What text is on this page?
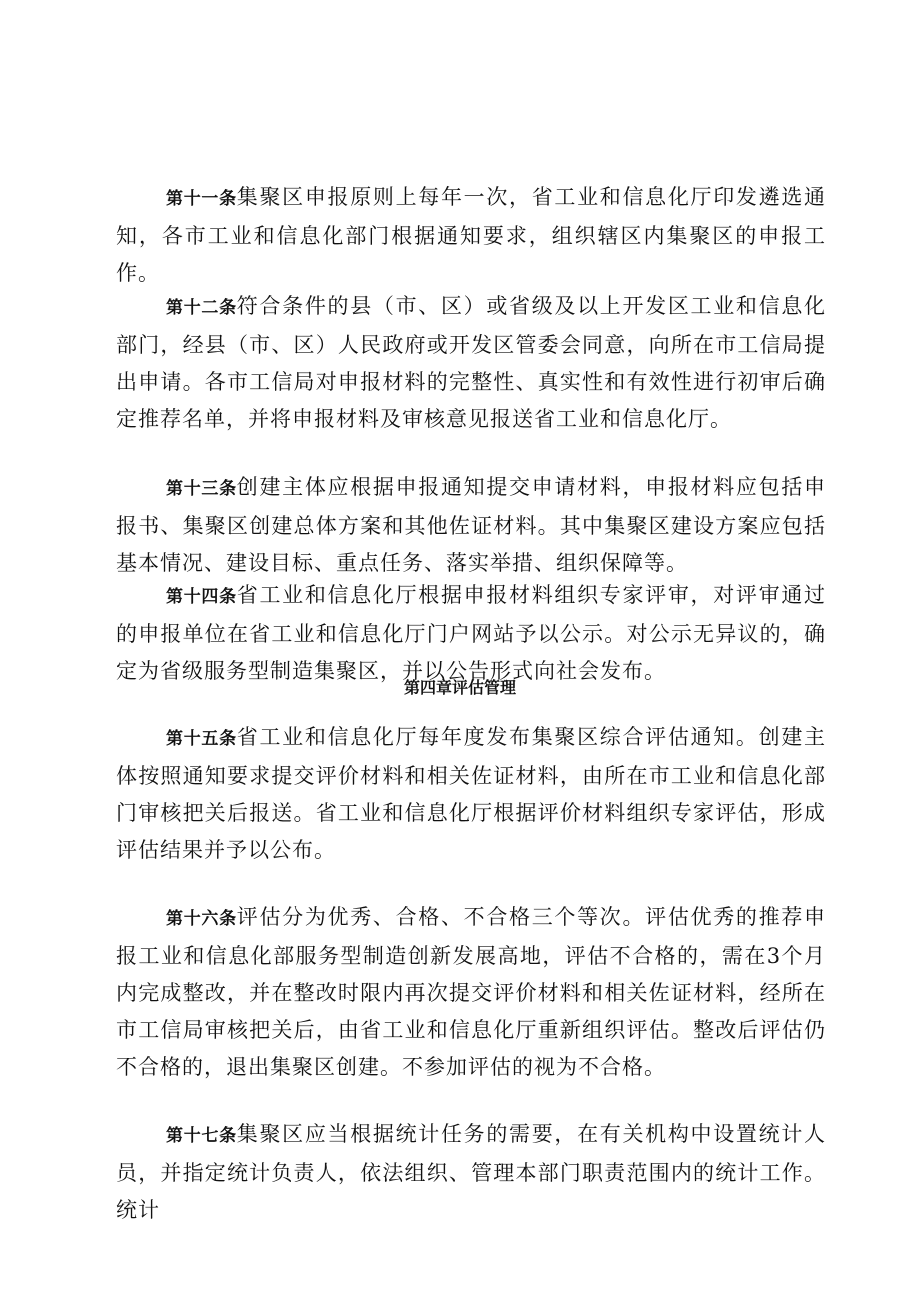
第十一条集聚区申报原则上每年一次，省工业和信息化厅印发遴选通知，各市工业和信息化部门根据通知要求，组织辖区内集聚区的申报工作。

第十二条符合条件的县（市、区）或省级及以上开发区工业和信息化部门，经县（市、区）人民政府或开发区管委会同意，向所在市工信局提出申请。各市工信局对申报材料的完整性、真实性和有效性进行初审后确定推荐名单，并将申报材料及审核意见报送省工业和信息化厅。

第十三条创建主体应根据申报通知提交申请材料，申报材料应包括申报书、集聚区创建总体方案和其他佐证材料。其中集聚区建设方案应包括基本情况、建设目标、重点任务、落实举措、组织保障等。

第十四条省工业和信息化厅根据申报材料组织专家评审，对评审通过的申报单位在省工业和信息化厅门户网站予以公示。对公示无异议的，确定为省级服务型制造集聚区，并以公告形式向社会发布。

第四章评估管理

第十五条省工业和信息化厅每年度发布集聚区综合评估通知。创建主体按照通知要求提交评价材料和相关佐证材料，由所在市工业和信息化部门审核把关后报送。省工业和信息化厅根据评价材料组织专家评估，形成评估结果并予以公布。

第十六条评估分为优秀、合格、不合格三个等次。评估优秀的推荐申报工业和信息化部服务型制造创新发展高地，评估不合格的，需在3个月内完成整改，并在整改时限内再次提交评价材料和相关佐证材料，经所在市工信局审核把关后，由省工业和信息化厅重新组织评估。整改后评估仍不合格的，退出集聚区创建。不参加评估的视为不合格。

第十七条集聚区应当根据统计任务的需要，在有关机构中设置统计人员，并指定统计负责人，依法组织、管理本部门职责范围内的统计工作。统计
